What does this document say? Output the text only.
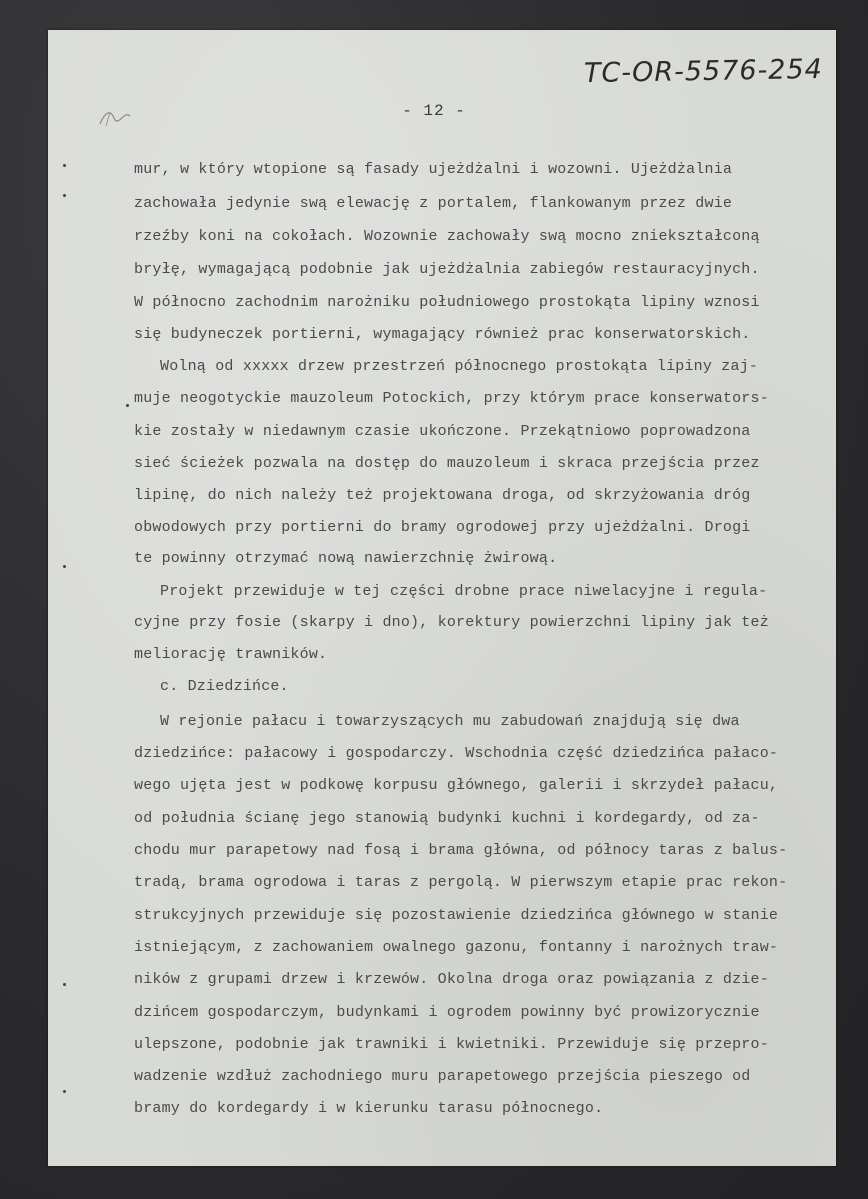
TC-OR-5576-254
- 12 -
mur, w który wtopione są fasady ujeżdżalni i wozowni. Ujeżdżalnia
zachowała jedynie swą elewację z portalem, flankowanym przez dwie
rzeźby koni na cokołach. Wozownie zachowały swą mocno zniekształconą
bryłę, wymagającą podobnie jak ujeżdżalnia zabiegów restauracyjnych.
W północno zachodnim narożniku południowego prostokąta lipiny wznosi
się budyneczek portierni, wymagający również prac konserwatorskich.
Wolną od xxxxx drzew przestrzeń północnego prostokąta lipiny zaj-
muje neogotyckie mauzoleum Potockich, przy którym prace konserwators-
kie zostały w niedawnym czasie ukończone. Przekątniowo poprowadzona
sieć ścieżek pozwala na dostęp do mauzoleum i skraca przejścia przez
lipinę, do nich należy też projektowana droga, od skrzyżowania dróg
obwodowych przy portierni do bramy ogrodowej przy ujeżdżalni. Drogi
te powinny otrzymać nową nawierzchnię żwirową.
Projekt przewiduje w tej części drobne prace niwelacyjne i regula-
cyjne przy fosie (skarpy i dno), korektury powierzchni lipiny jak też
meliorację trawników.
c. Dziedzińce.
W rejonie pałacu i towarzyszących mu zabudowań znajdują się dwa
dziedzińce: pałacowy i gospodarczy. Wschodnia część dziedzińca pałaco-
wego ujęta jest w podkowę korpusu głównego, galerii i skrzydeł pałacu,
od południa ścianę jego stanowią budynki kuchni i kordegardy, od za-
chodu mur parapetowy nad fosą i brama główna, od północy taras z balus-
tradą, brama ogrodowa i taras z pergolą. W pierwszym etapie prac rekon-
strukcyjnych przewiduje się pozostawienie dziedzińca głównego w stanie
istniejącym, z zachowaniem owalnego gazonu, fontanny i narożnych traw-
ników z grupami drzew i krzewów. Okolna droga oraz powiązania z dzie-
dzińcem gospodarczym, budynkami i ogrodem powinny być prowizorycznie
ulepszone, podobnie jak trawniki i kwietniki. Przewiduje się przepro-
wadzenie wzdłuż zachodniego muru parapetowego przejścia pieszego od
bramy do kordegardy i w kierunku tarasu północnego.
